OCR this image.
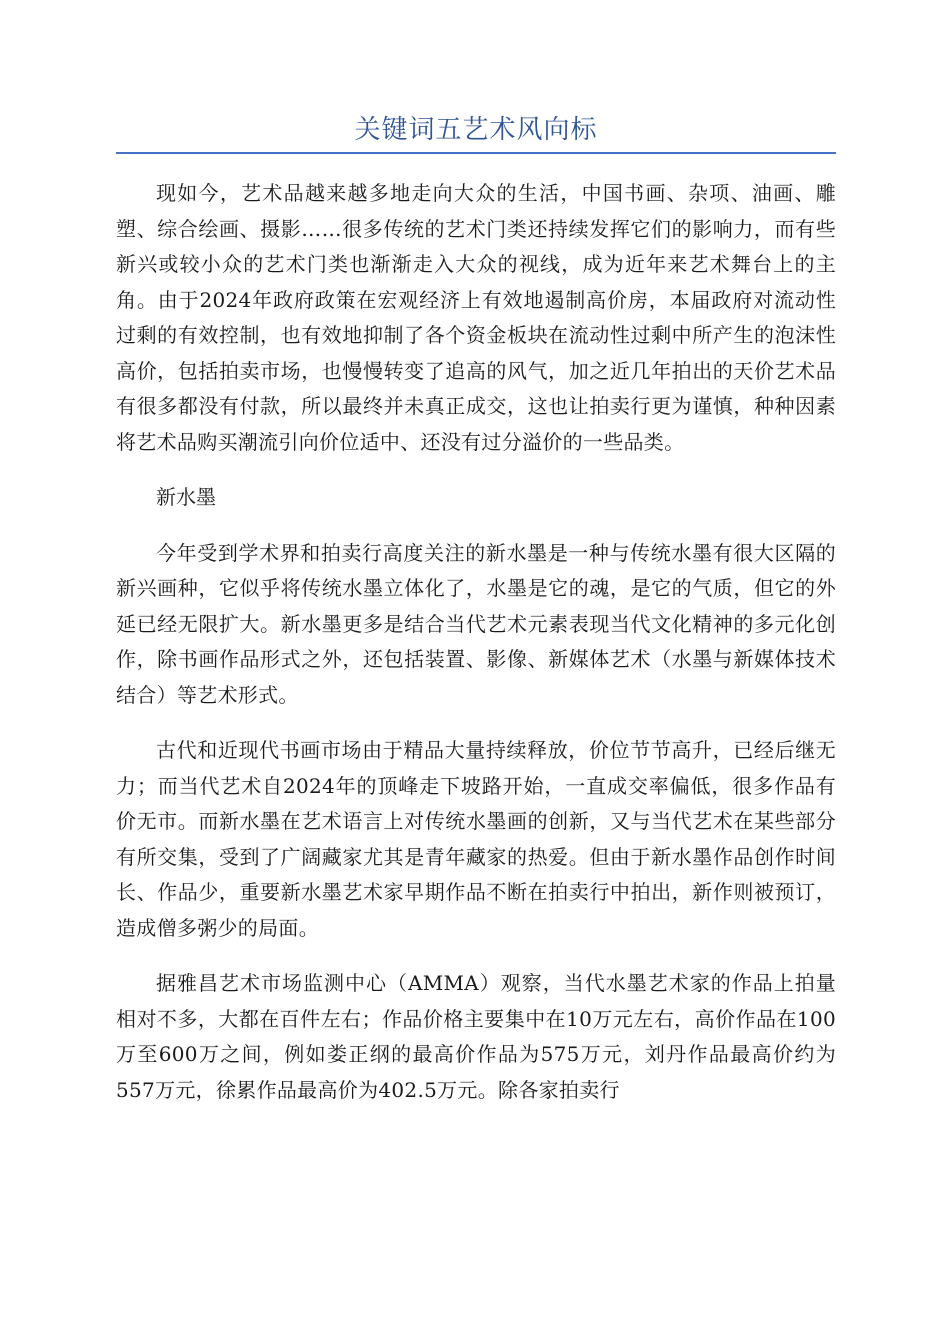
关键词五艺术风向标

现如今，艺术品越来越多地走向大众的生活，中国书画、杂项、油画、雕塑、综合绘画、摄影……很多传统的艺术门类还持续发挥它们的影响力，而有些新兴或较小众的艺术门类也渐渐走入大众的视线，成为近年来艺术舞台上的主角。由于2024年政府政策在宏观经济上有效地遏制高价房，本届政府对流动性过剩的有效控制，也有效地抑制了各个资金板块在流动性过剩中所产生的泡沫性高价，包括拍卖市场，也慢慢转变了追高的风气，加之近几年拍出的天价艺术品有很多都没有付款，所以最终并未真正成交，这也让拍卖行更为谨慎，种种因素将艺术品购买潮流引向价位适中、还没有过分溢价的一些品类。

新水墨

今年受到学术界和拍卖行高度关注的新水墨是一种与传统水墨有很大区隔的新兴画种，它似乎将传统水墨立体化了，水墨是它的魂，是它的气质，但它的外延已经无限扩大。新水墨更多是结合当代艺术元素表现当代文化精神的多元化创作，除书画作品形式之外，还包括装置、影像、新媒体艺术（水墨与新媒体技术结合）等艺术形式。

古代和近现代书画市场由于精品大量持续释放，价位节节高升，已经后继无力；而当代艺术自2024年的顶峰走下坡路开始，一直成交率偏低，很多作品有价无市。而新水墨在艺术语言上对传统水墨画的创新，又与当代艺术在某些部分有所交集，受到了广阔藏家尤其是青年藏家的热爱。但由于新水墨作品创作时间长、作品少，重要新水墨艺术家早期作品不断在拍卖行中拍出，新作则被预订，造成僧多粥少的局面。

据雅昌艺术市场监测中心（AMMA）观察，当代水墨艺术家的作品上拍量相对不多，大都在百件左右；作品价格主要集中在10万元左右，高价作品在100万至600万之间，例如娄正纲的最高价作品为575万元，刘丹作品最高价约为557万元，徐累作品最高价为402.5万元。除各家拍卖行
